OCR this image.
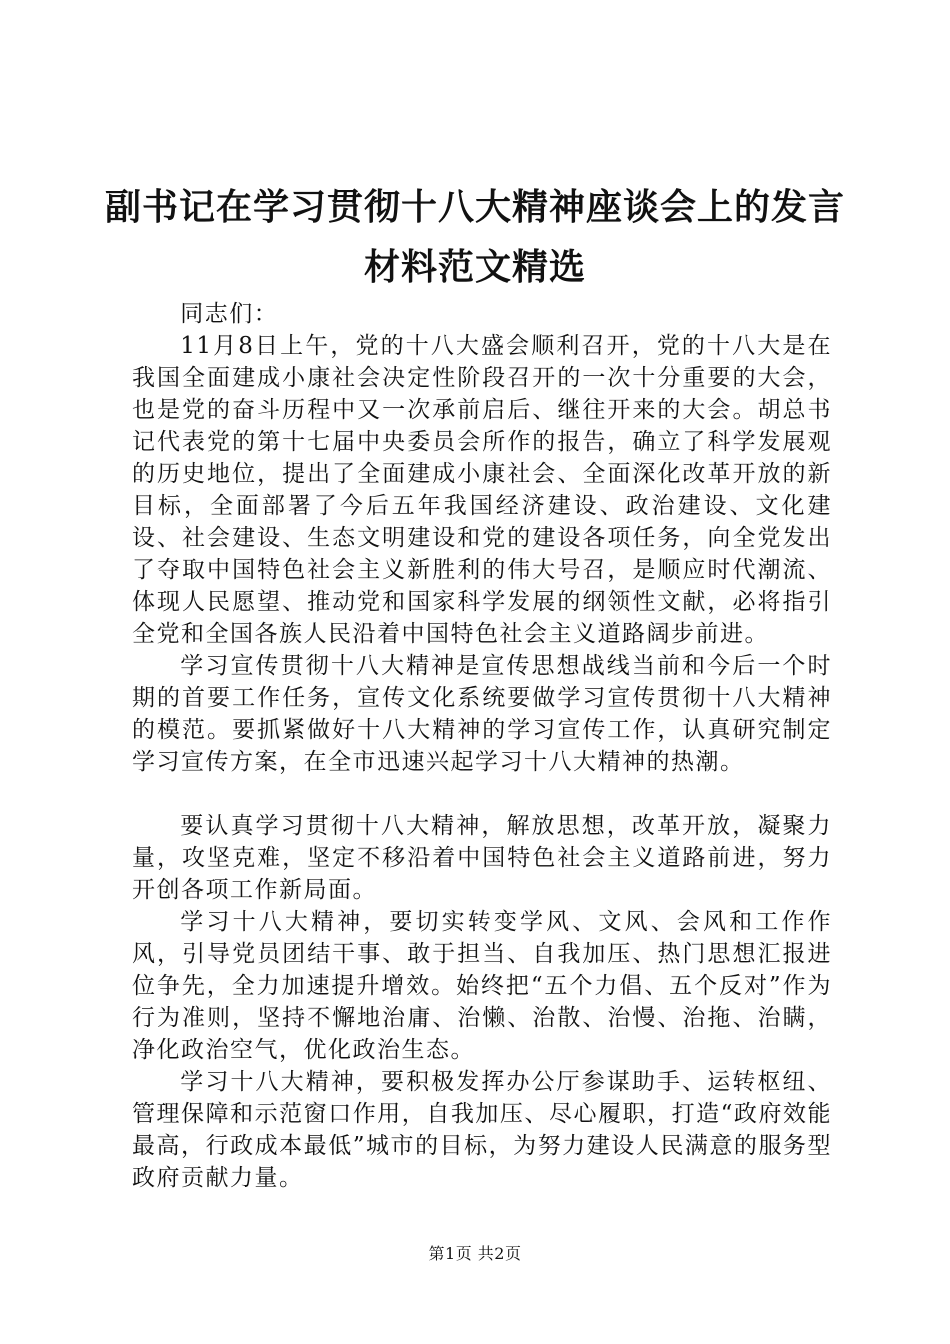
副书记在学习贯彻十八大精神座谈会上的发言
材料范文精选

同志们：

11月8日上午，党的十八大盛会顺利召开，党的十八大是在我国全面建成小康社会决定性阶段召开的一次十分重要的大会，也是党的奋斗历程中又一次承前启后、继往开来的大会。胡总书记代表党的第十七届中央委员会所作的报告，确立了科学发展观的历史地位，提出了全面建成小康社会、全面深化改革开放的新目标，全面部署了今后五年我国经济建设、政治建设、文化建设、社会建设、生态文明建设和党的建设各项任务，向全党发出了夺取中国特色社会主义新胜利的伟大号召，是顺应时代潮流、体现人民愿望、推动党和国家科学发展的纲领性文献，必将指引全党和全国各族人民沿着中国特色社会主义道路阔步前进。

学习宣传贯彻十八大精神是宣传思想战线当前和今后一个时期的首要工作任务，宣传文化系统要做学习宣传贯彻十八大精神的模范。要抓紧做好十八大精神的学习宣传工作，认真研究制定学习宣传方案，在全市迅速兴起学习十八大精神的热潮。

要认真学习贯彻十八大精神，解放思想，改革开放，凝聚力量，攻坚克难，坚定不移沿着中国特色社会主义道路前进，努力开创各项工作新局面。

学习十八大精神，要切实转变学风、文风、会风和工作作风，引导党员团结干事、敢于担当、自我加压、热门思想汇报进位争先，全力加速提升增效。始终把“五个力倡、五个反对”作为行为准则，坚持不懈地治庸、治懒、治散、治慢、治拖、治瞒，净化政治空气，优化政治生态。

学习十八大精神，要积极发挥办公厅参谋助手、运转枢纽、管理保障和示范窗口作用，自我加压、尽心履职，打造“政府效能最高，行政成本最低”城市的目标，为努力建设人民满意的服务型政府贡献力量。

第1页 共2页
